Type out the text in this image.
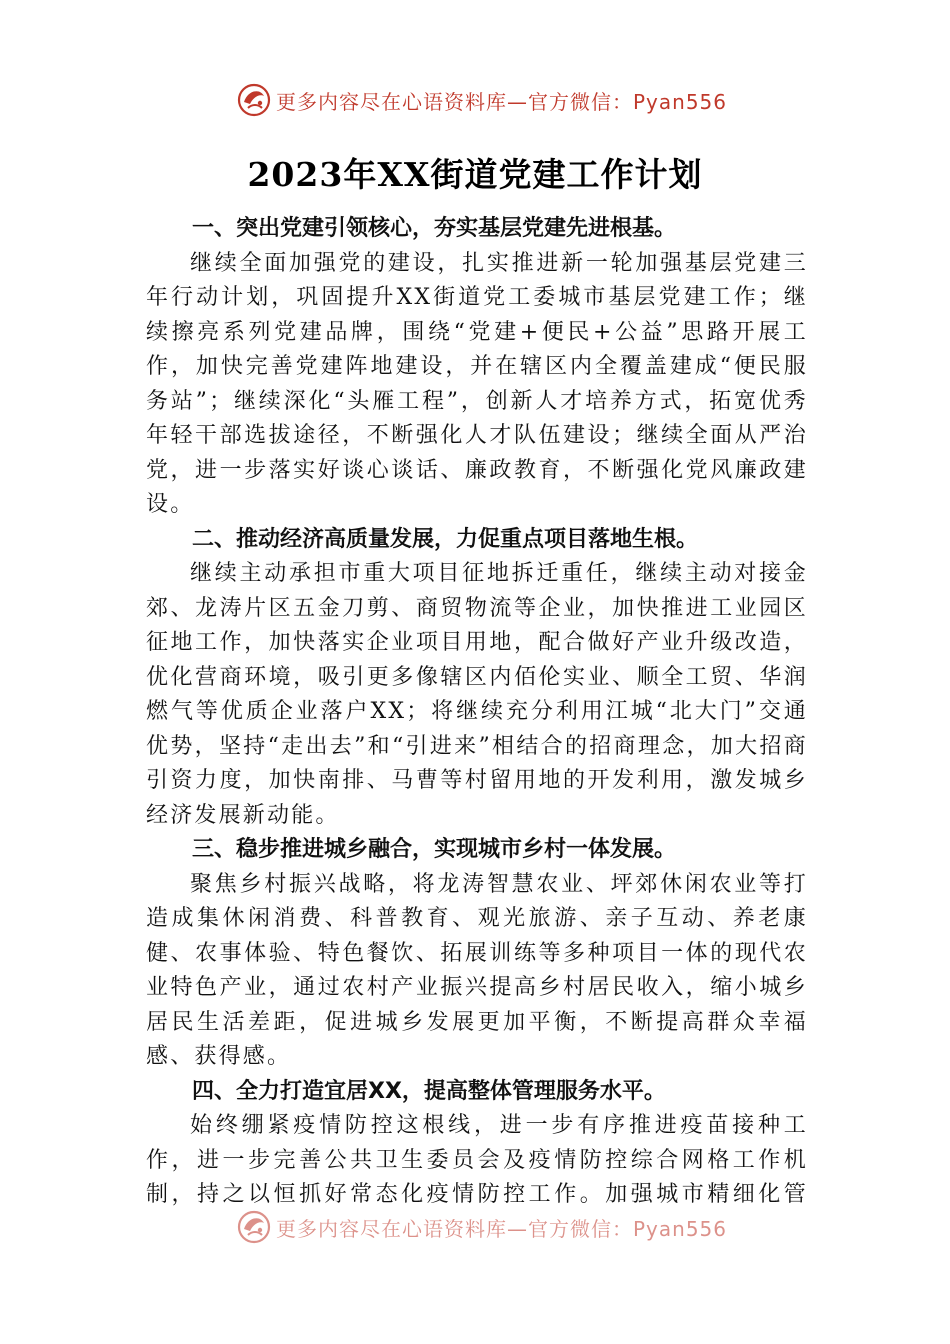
更多内容尽在心语资料库—官方微信：Pyan556
2023年XX街道党建工作计划

一、突出党建引领核心，夯实基层党建先进根基。

继续全面加强党的建设，扎实推进新一轮加强基层党建三年行动计划，巩固提升XX街道党工委城市基层党建工作；继续擦亮系列党建品牌，围绕“党建+便民+公益”思路开展工作，加快完善党建阵地建设，并在辖区内全覆盖建成“便民服务站”；继续深化“头雁工程”，创新人才培养方式，拓宽优秀年轻干部选拔途径，不断强化人才队伍建设；继续全面从严治党，进一步落实好谈心谈话、廉政教育，不断强化党风廉政建设。

二、推动经济高质量发展，力促重点项目落地生根。

继续主动承担市重大项目征地拆迁重任，继续主动对接金郊、龙涛片区五金刀剪、商贸物流等企业，加快推进工业园区征地工作，加快落实企业项目用地，配合做好产业升级改造，优化营商环境，吸引更多像辖区内佰伦实业、顺全工贸、华润燃气等优质企业落户XX；将继续充分利用江城“北大门”交通优势，坚持“走出去”和“引进来”相结合的招商理念，加大招商引资力度，加快南排、马曹等村留用地的开发利用，激发城乡经济发展新动能。

三、稳步推进城乡融合，实现城市乡村一体发展。

聚焦乡村振兴战略，将龙涛智慧农业、坪郊休闲农业等打造成集休闲消费、科普教育、观光旅游、亲子互动、养老康健、农事体验、特色餐饮、拓展训练等多种项目一体的现代农业特色产业，通过农村产业振兴提高乡村居民收入，缩小城乡居民生活差距，促进城乡发展更加平衡，不断提高群众幸福感、获得感。

四、全力打造宜居XX，提高整体管理服务水平。

始终绷紧疫情防控这根线，进一步有序推进疫苗接种工作，进一步完善公共卫生委员会及疫情防控综合网格工作机制，持之以恒抓好常态化疫情防控工作。加强城市精细化管

更多内容尽在心语资料库—官方微信：Pyan556
